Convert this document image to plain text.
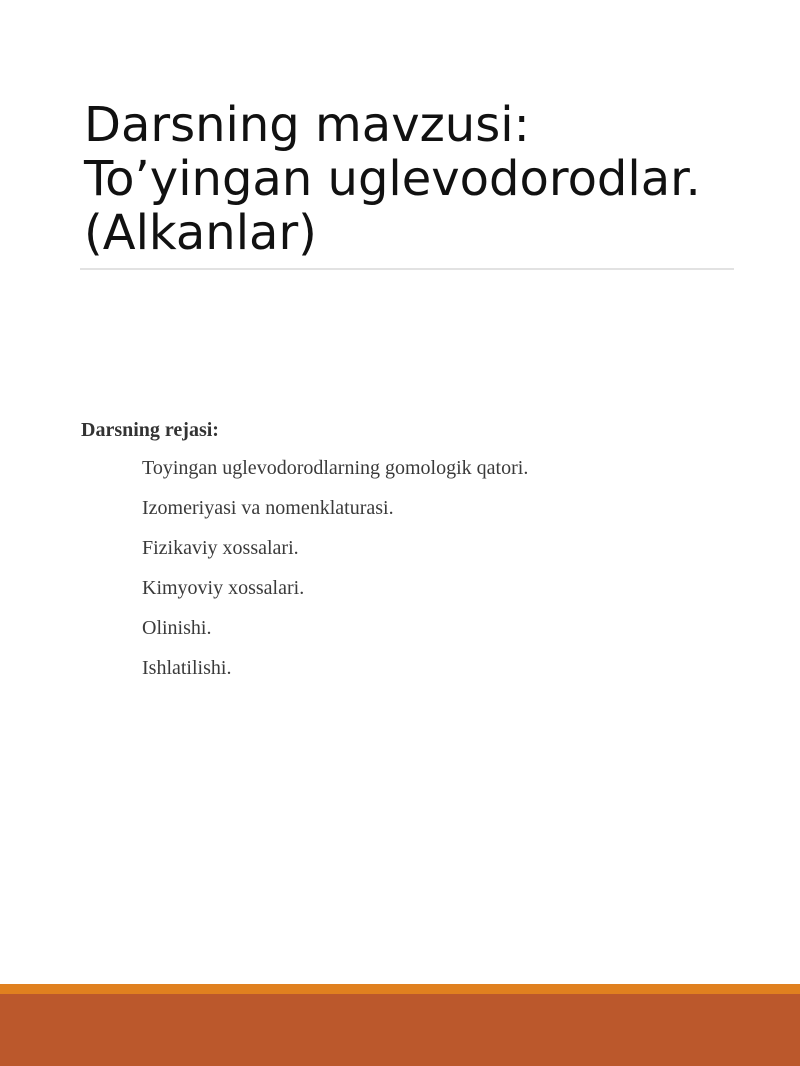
Darsning mavzusi:
To’yingan uglevodorodlar.
(Alkanlar)
Darsning rejasi:
Toyingan uglevodorodlarning gomologik qatori.
Izomeriyasi va nomenklaturasi.
Fizikaviy xossalari.
Kimyoviy xossalari.
Olinishi.
Ishlatilishi.
